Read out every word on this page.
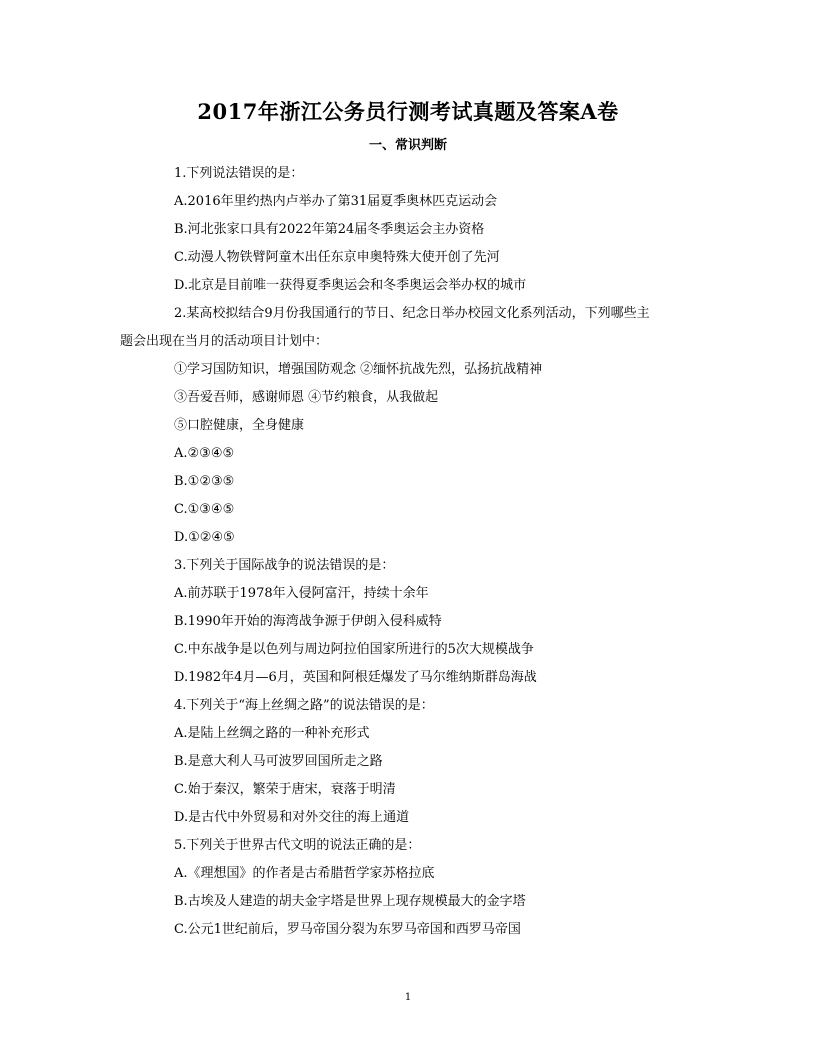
2017年浙江公务员行测考试真题及答案A卷
一、常识判断
1.下列说法错误的是：
A.2016年里约热内卢举办了第31届夏季奥林匹克运动会
B.河北张家口具有2022年第24届冬季奥运会主办资格
C.动漫人物铁臂阿童木出任东京申奥特殊大使开创了先河
D.北京是目前唯一获得夏季奥运会和冬季奥运会举办权的城市
2.某高校拟结合9月份我国通行的节日、纪念日举办校园文化系列活动，下列哪些主
题会出现在当月的活动项目计划中：
①学习国防知识，增强国防观念 ②缅怀抗战先烈，弘扬抗战精神
③吾爱吾师，感谢师恩 ④节约粮食，从我做起
⑤口腔健康，全身健康
A.②③④⑤
B.①②③⑤
C.①③④⑤
D.①②④⑤
3.下列关于国际战争的说法错误的是：
A.前苏联于1978年入侵阿富汗，持续十余年
B.1990年开始的海湾战争源于伊朗入侵科威特
C.中东战争是以色列与周边阿拉伯国家所进行的5次大规模战争
D.1982年4月—6月，英国和阿根廷爆发了马尔维纳斯群岛海战
4.下列关于“海上丝绸之路”的说法错误的是：
A.是陆上丝绸之路的一种补充形式
B.是意大利人马可波罗回国所走之路
C.始于秦汉，繁荣于唐宋，衰落于明清
D.是古代中外贸易和对外交往的海上通道
5.下列关于世界古代文明的说法正确的是：
A.《理想国》的作者是古希腊哲学家苏格拉底
B.古埃及人建造的胡夫金字塔是世界上现存规模最大的金字塔
C.公元1世纪前后，罗马帝国分裂为东罗马帝国和西罗马帝国
1
